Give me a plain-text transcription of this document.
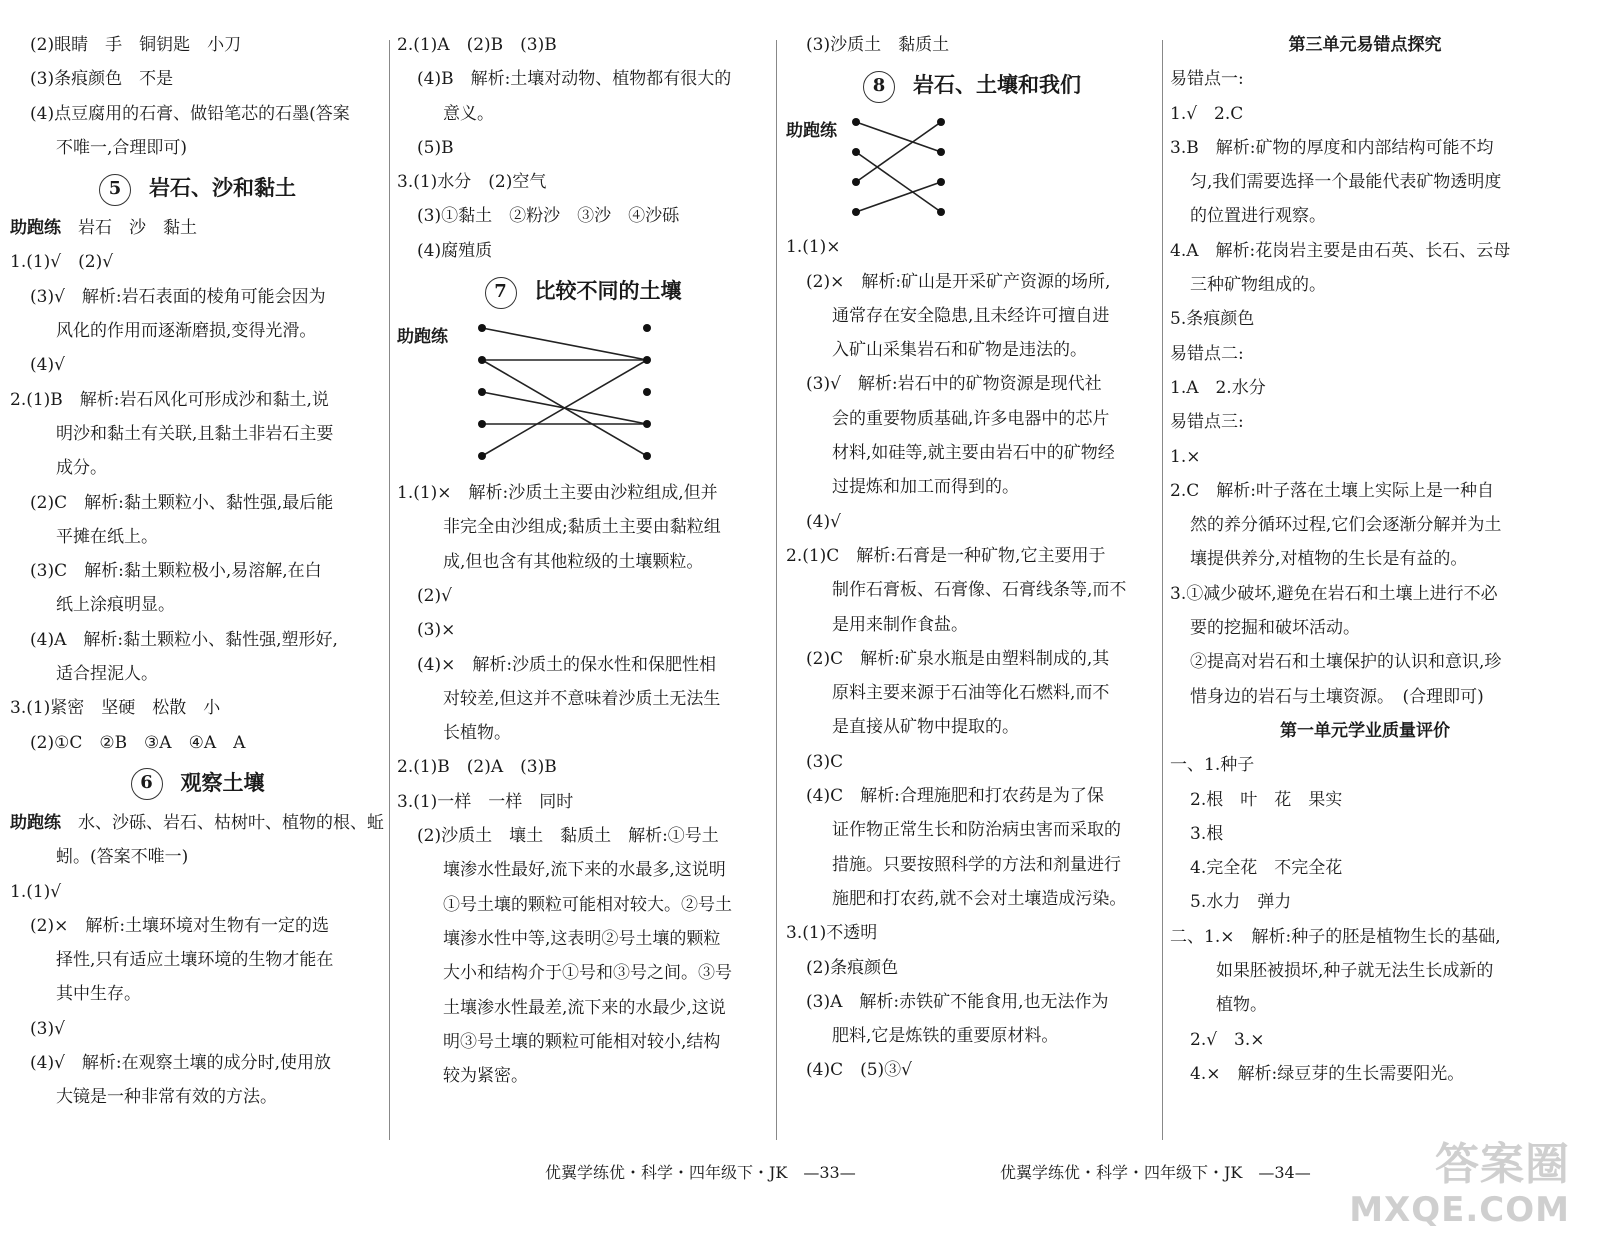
(2)眼睛　手　铜钥匙　小刀
(3)条痕颜色　不是
(4)点豆腐用的石膏、做铅笔芯的石墨(答案
不唯一,合理即可)
5 岩石、沙和黏土
助跑练　岩石　沙　黏土
1.(1)√　(2)√
(3)√　解析:岩石表面的棱角可能会因为
风化的作用而逐渐磨损,变得光滑。
(4)√
2.(1)B　解析:岩石风化可形成沙和黏土,说
明沙和黏土有关联,且黏土非岩石主要
成分。
(2)C　解析:黏土颗粒小、黏性强,最后能
平摊在纸上。
(3)C　解析:黏土颗粒极小,易溶解,在白
纸上涂痕明显。
(4)A　解析:黏土颗粒小、黏性强,塑形好,
适合捏泥人。
3.(1)紧密　坚硬　松散　小
(2)①C　②B　③A　④A　A
6 观察土壤
助跑练　水、沙砾、岩石、枯树叶、植物的根、蚯
蚓。(答案不唯一)
1.(1)√
(2)×　解析:土壤环境对生物有一定的选
择性,只有适应土壤环境的生物才能在
其中生存。
(3)√
(4)√　解析:在观察土壤的成分时,使用放
大镜是一种非常有效的方法。
2.(1)A　(2)B　(3)B
(4)B　解析:土壤对动物、植物都有很大的
意义。
(5)B
3.(1)水分　(2)空气
(3)①黏土　②粉沙　③沙　④沙砾
(4)腐殖质
7 比较不同的土壤
助跑练
1.(1)×　解析:沙质土主要由沙粒组成,但并
非完全由沙组成;黏质土主要由黏粒组
成,但也含有其他粒级的土壤颗粒。
(2)√
(3)×
(4)×　解析:沙质土的保水性和保肥性相
对较差,但这并不意味着沙质土无法生
长植物。
2.(1)B　(2)A　(3)B
3.(1)一样　一样　同时
(2)沙质土　壤土　黏质土　解析:①号土
壤渗水性最好,流下来的水最多,这说明
①号土壤的颗粒可能相对较大。②号土
壤渗水性中等,这表明②号土壤的颗粒
大小和结构介于①号和③号之间。③号
土壤渗水性最差,流下来的水最少,这说
明③号土壤的颗粒可能相对较小,结构
较为紧密。
(3)沙质土　黏质土
8 岩石、土壤和我们
助跑练
1.(1)×
(2)×　解析:矿山是开采矿产资源的场所,
通常存在安全隐患,且未经许可擅自进
入矿山采集岩石和矿物是违法的。
(3)√　解析:岩石中的矿物资源是现代社
会的重要物质基础,许多电器中的芯片
材料,如硅等,就主要由岩石中的矿物经
过提炼和加工而得到的。
(4)√
2.(1)C　解析:石膏是一种矿物,它主要用于
制作石膏板、石膏像、石膏线条等,而不
是用来制作食盐。
(2)C　解析:矿泉水瓶是由塑料制成的,其
原料主要来源于石油等化石燃料,而不
是直接从矿物中提取的。
(3)C
(4)C　解析:合理施肥和打农药是为了保
证作物正常生长和防治病虫害而采取的
措施。只要按照科学的方法和剂量进行
施肥和打农药,就不会对土壤造成污染。
3.(1)不透明
(2)条痕颜色
(3)A　解析:赤铁矿不能食用,也无法作为
肥料,它是炼铁的重要原材料。
(4)C　(5)③√
第三单元易错点探究
易错点一:
1.√　2.C
3.B　解析:矿物的厚度和内部结构可能不均
匀,我们需要选择一个最能代表矿物透明度
的位置进行观察。
4.A　解析:花岗岩主要是由石英、长石、云母
三种矿物组成的。
5.条痕颜色
易错点二:
1.A　2.水分
易错点三:
1.×
2.C　解析:叶子落在土壤上实际上是一种自
然的养分循环过程,它们会逐渐分解并为土
壤提供养分,对植物的生长是有益的。
3.①减少破坏,避免在岩石和土壤上进行不必
要的挖掘和破坏活动。
②提高对岩石和土壤保护的认识和意识,珍
惜身边的岩石与土壤资源。　(合理即可)
第一单元学业质量评价
一、1.种子
2.根　叶　花　果实
3.根
4.完全花　不完全花
5.水力　弹力
二、1.×　解析:种子的胚是植物生长的基础,
如果胚被损坏,种子就无法生长成新的
植物。
2.√　3.×
4.×　解析:绿豆芽的生长需要阳光。
优翼学练优・科学・四年级下・JK　—33—	优翼学练优・科学・四年级下・JK　—34—	答案圈
MXQE.COM
